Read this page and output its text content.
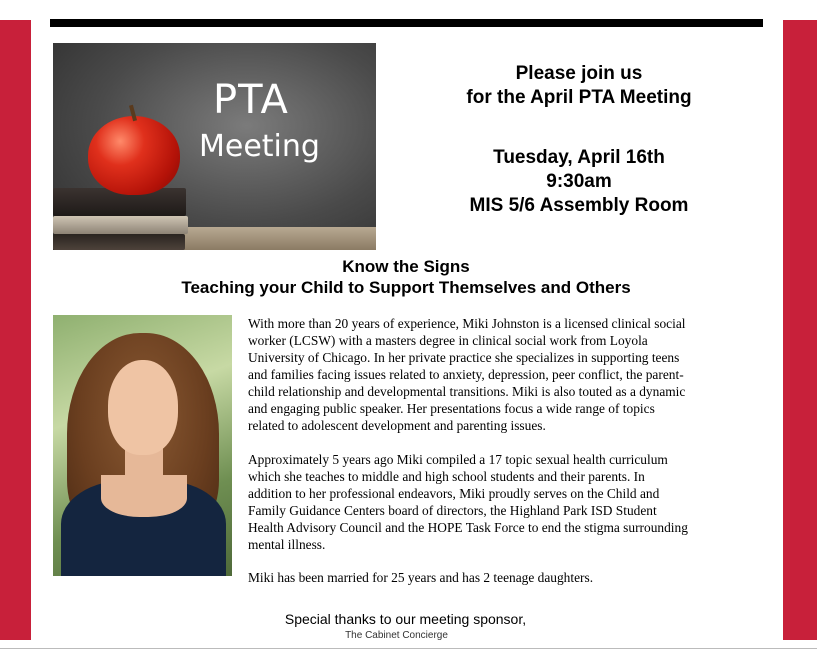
PTA
Meeting
Please join us
for the April PTA Meeting
Tuesday, April 16th
9:30am
MIS 5/6 Assembly Room
Know the Signs
Teaching your Child to Support Themselves and Others
With more than 20 years of experience, Miki Johnston is a licensed clinical social
worker (LCSW) with a masters degree in clinical social work from Loyola
University of Chicago. In her private practice she specializes in supporting teens
and families facing issues related to anxiety, depression, peer conflict, the parent-
child relationship and developmental transitions. Miki is also touted as a dynamic
and engaging public speaker. Her presentations focus a wide range of topics
related to adolescent development and parenting issues.
Approximately 5 years ago Miki compiled a 17 topic sexual health curriculum
which she teaches to middle and high school students and their parents. In
addition to her professional endeavors, Miki proudly serves on the Child and
Family Guidance Centers board of directors, the Highland Park ISD Student
Health Advisory Council and the HOPE Task Force to end the stigma surrounding
mental illness.
Miki has been married for 25 years and has 2 teenage daughters.
Special thanks to our meeting sponsor,
The Cabinet Concierge
